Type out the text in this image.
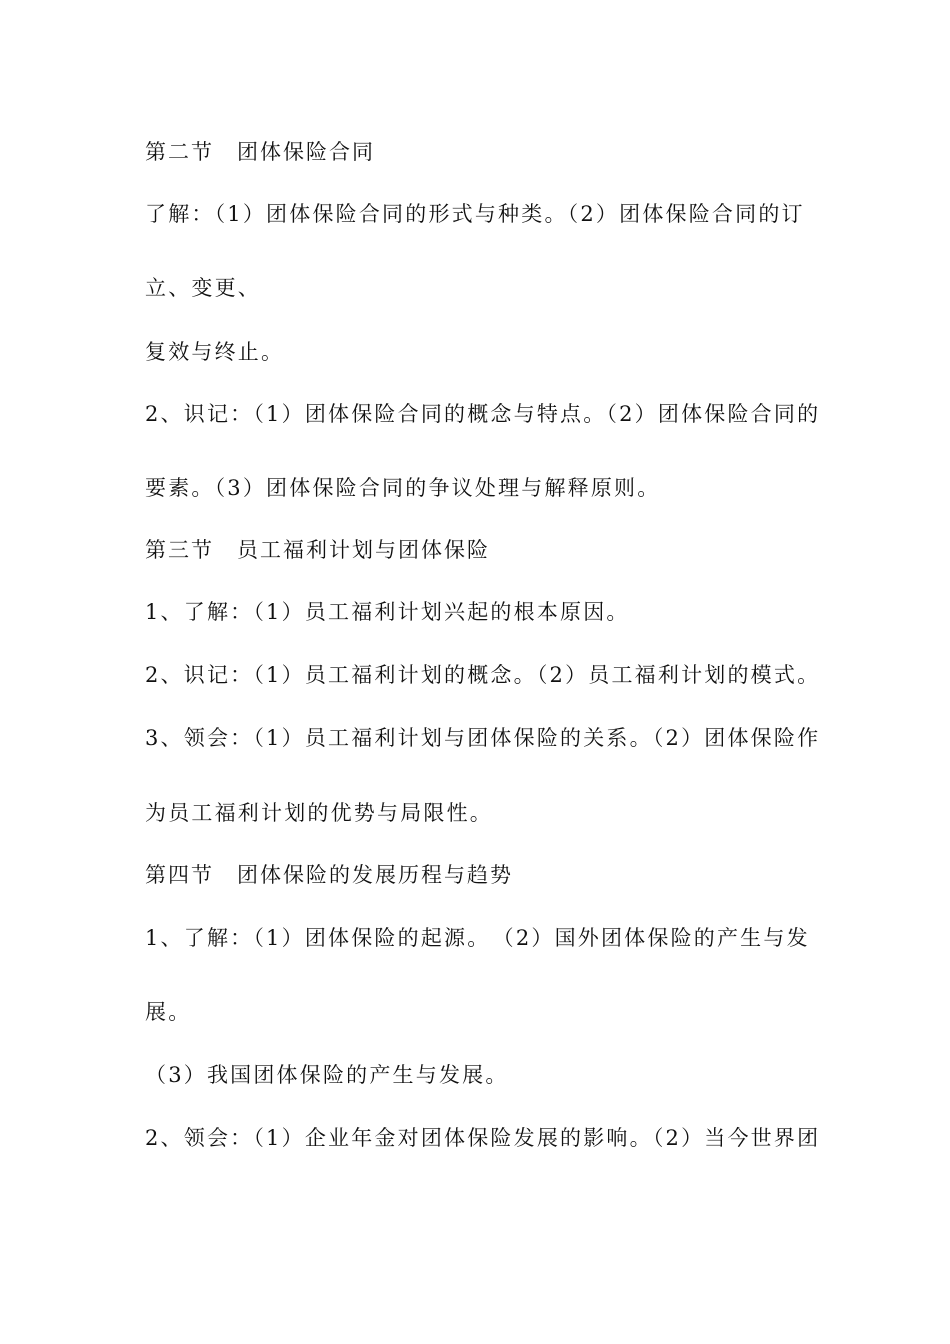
第二节　团体保险合同
了解：（1）团体保险合同的形式与种类。（2）团体保险合同的订
立、变更、
复效与终止。
2、识记：（1）团体保险合同的概念与特点。（2）团体保险合同的
要素。（3）团体保险合同的争议处理与解释原则。
第三节　员工福利计划与团体保险
1、了解：（1）员工福利计划兴起的根本原因。
2、识记：（1）员工福利计划的概念。（2）员工福利计划的模式。
3、领会：（1）员工福利计划与团体保险的关系。（2）团体保险作
为员工福利计划的优势与局限性。
第四节　团体保险的发展历程与趋势
1、了解：（1）团体保险的起源。　（2）国外团体保险的产生与发
展。
（3）我国团体保险的产生与发展。
2、领会：（1）企业年金对团体保险发展的影响。（2）当今世界团
